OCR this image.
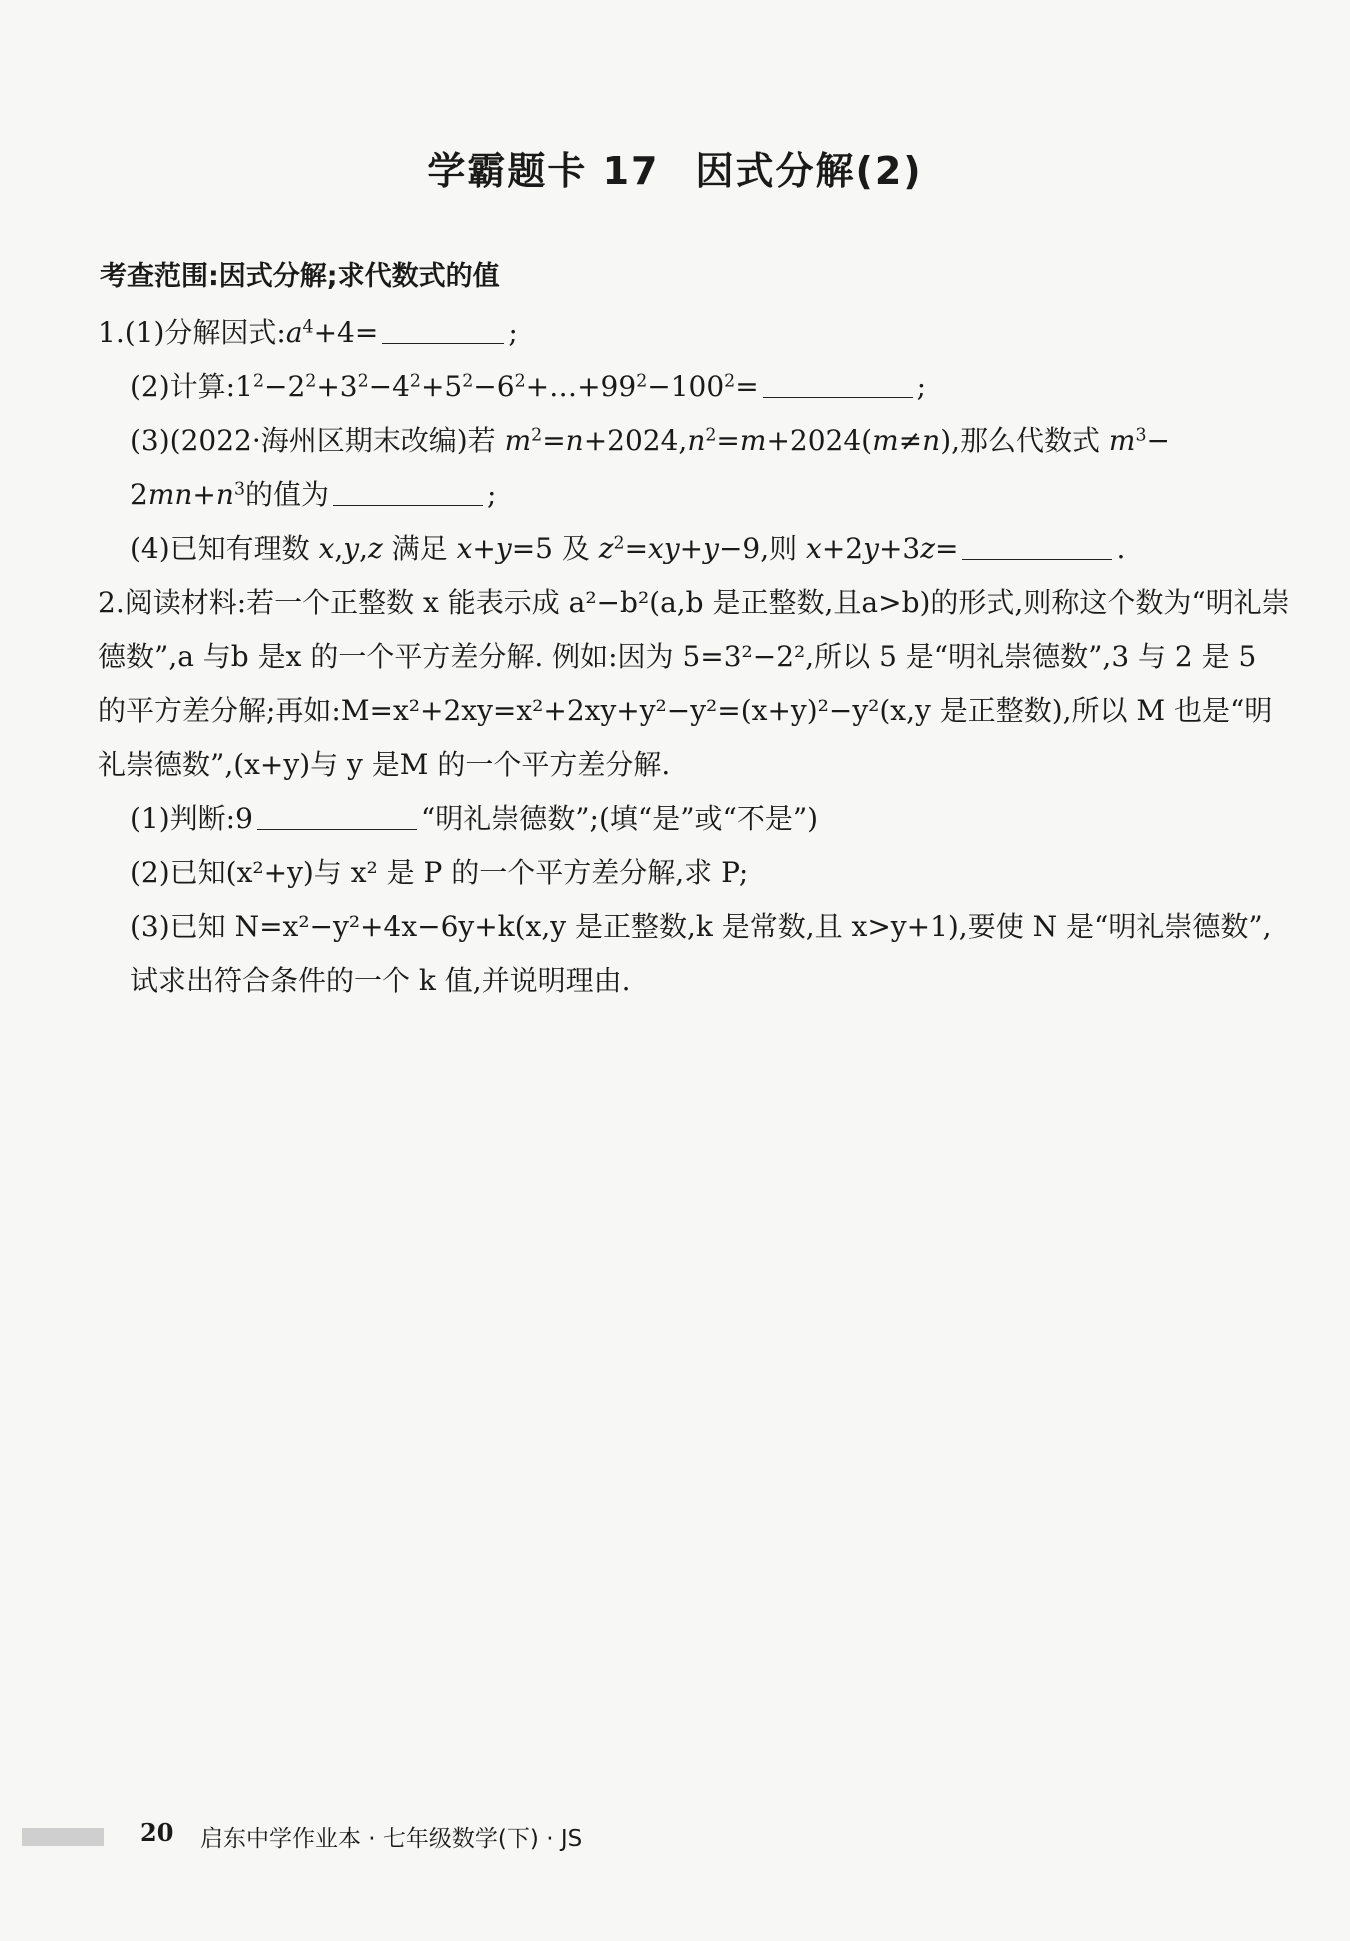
学霸题卡 17 因式分解(2)
考查范围:因式分解;求代数式的值

1.(1)分解因式$:a^4+4=$	;

(2)计算$:1^2-2^2+3^2-4^2+5^2-6^2+\dots+99^2-100^2=$	;

(3)(2022·海州区期末改编)若 $m^2=n+2024,n^2=m+2024(m\ne n)$,那么代数式 $m^3-$

$2mn+n^3$的值为	;

(4)已知有理数 x,y,z 满足 x+y=5 及 $z^2=xy+y-9$,则 x+2y+3z=	.

2.阅读材料:若一个正整数 x 能表示成 a²−b²(a,b 是正整数,且a>b)的形式,则称这个数为“明礼崇德数”,a 与b 是x 的一个平方差分解. 例如:因为 5=3²−2²,所以 5 是“明礼崇德数”,3 与 2 是 5 的平方差分解;再如:M=x²+2xy=x²+2xy+y²−y²=(x+y)²−y²(x,y 是正整数),所以 M 也是“明礼崇德数”,(x+y)与 y 是M 的一个平方差分解.

(1)判断:9	“明礼崇德数”;(填“是”或“不是”)

(2)已知(x²+y)与 x² 是 P 的一个平方差分解,求 P;

(3)已知 N=x²−y²+4x−6y+k(x,y 是正整数,k 是常数,且 x>y+1),要使 N 是“明礼崇德数”,试求出符合条件的一个 k 值,并说明理由.

20 启东中学作业本 · 七年级数学(下) · JS
